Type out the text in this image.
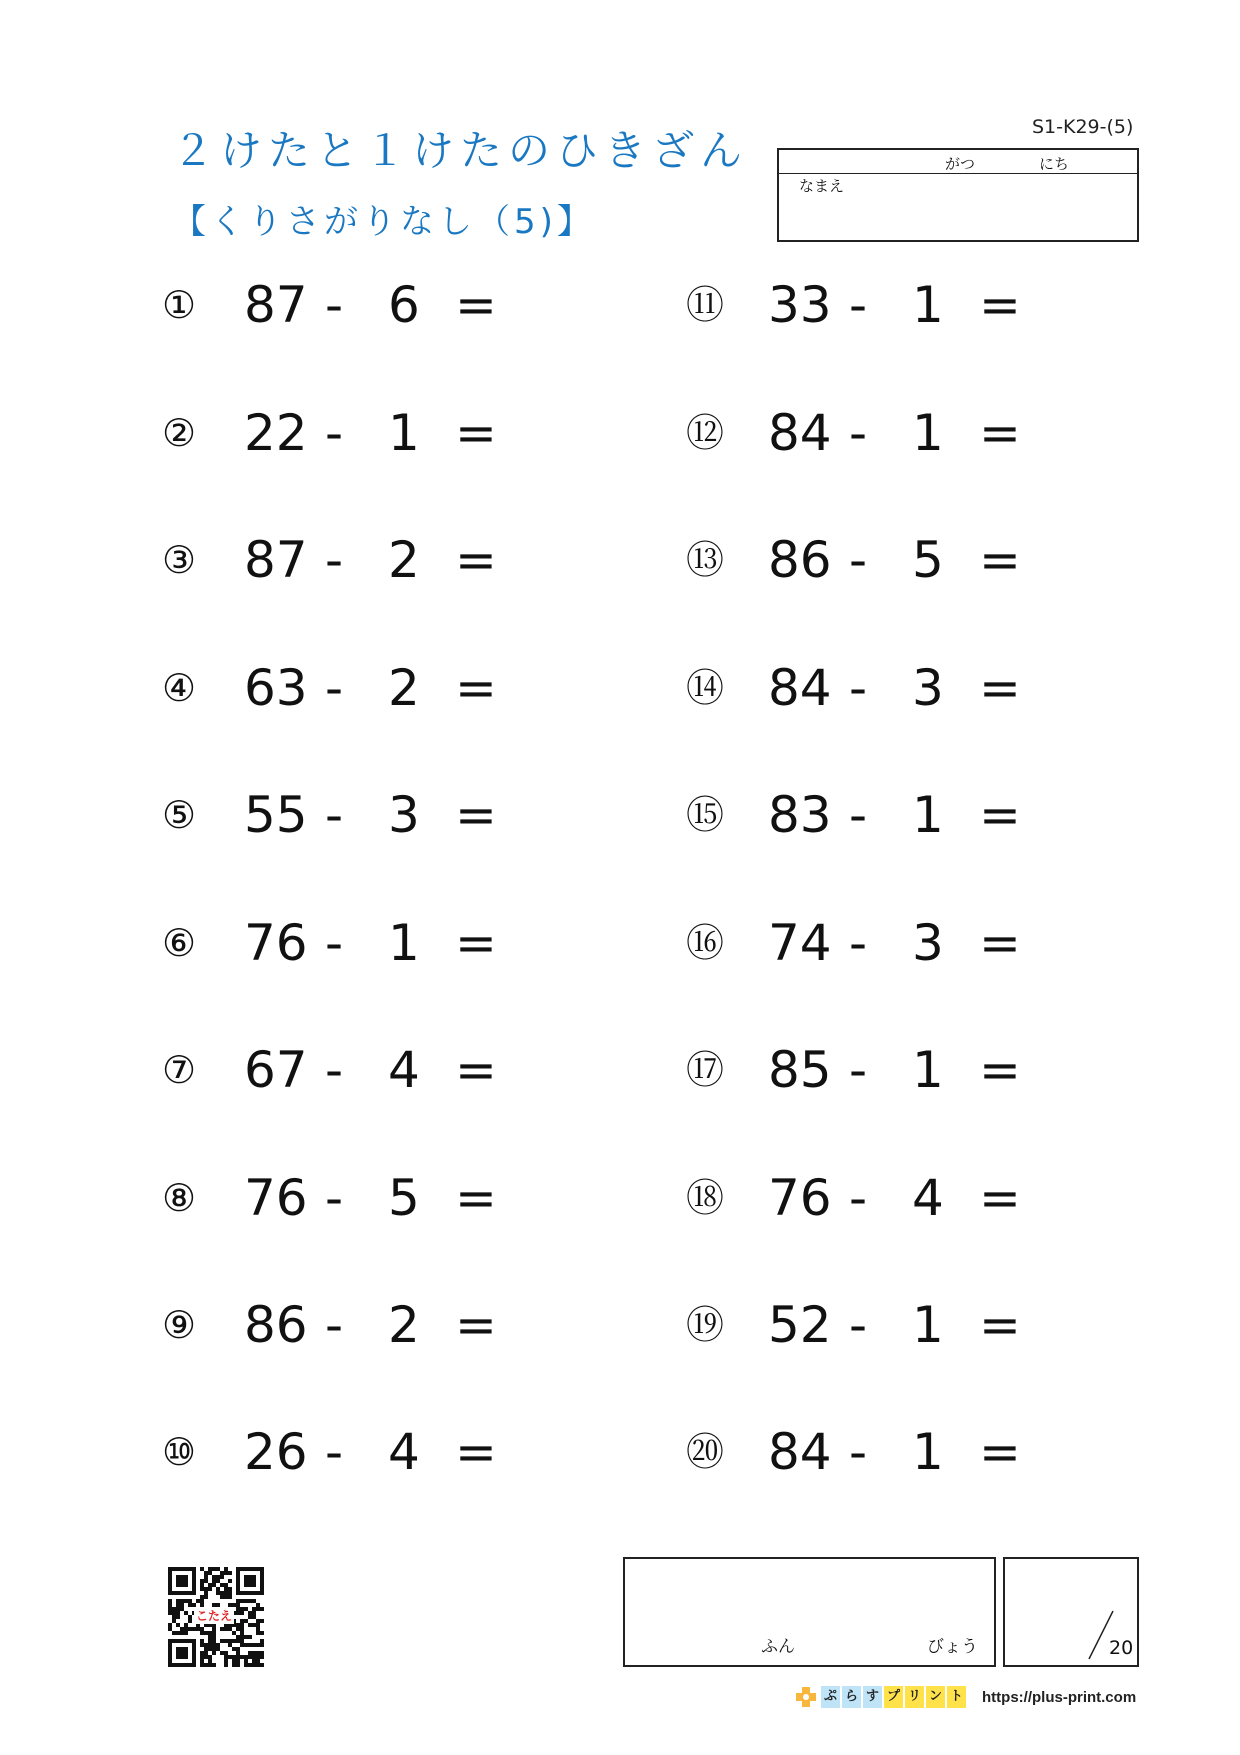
２けたと１けたのひきざん
【くりさがりなし（5)】
S1-K29-(5)
がつ	にち
なまえ
① 87 - 6 =
② 22 - 1 =
③ 87 - 2 =
④ 63 - 2 =
⑤ 55 - 3 =
⑥ 76 - 1 =
⑦ 67 - 4 =
⑧ 76 - 5 =
⑨ 86 - 2 =
⑩ 26 - 4 =
⑪ 33 - 1 =
⑫ 84 - 1 =
⑬ 86 - 5 =
⑭ 84 - 3 =
⑮ 83 - 1 =
⑯ 74 - 3 =
⑰ 85 - 1 =
⑱ 76 - 4 =
⑲ 52 - 1 =
⑳ 84 - 1 =
こたえ
ふん	びょう	20
ぷ ら す プ リ ン ト https://plus-print.com
